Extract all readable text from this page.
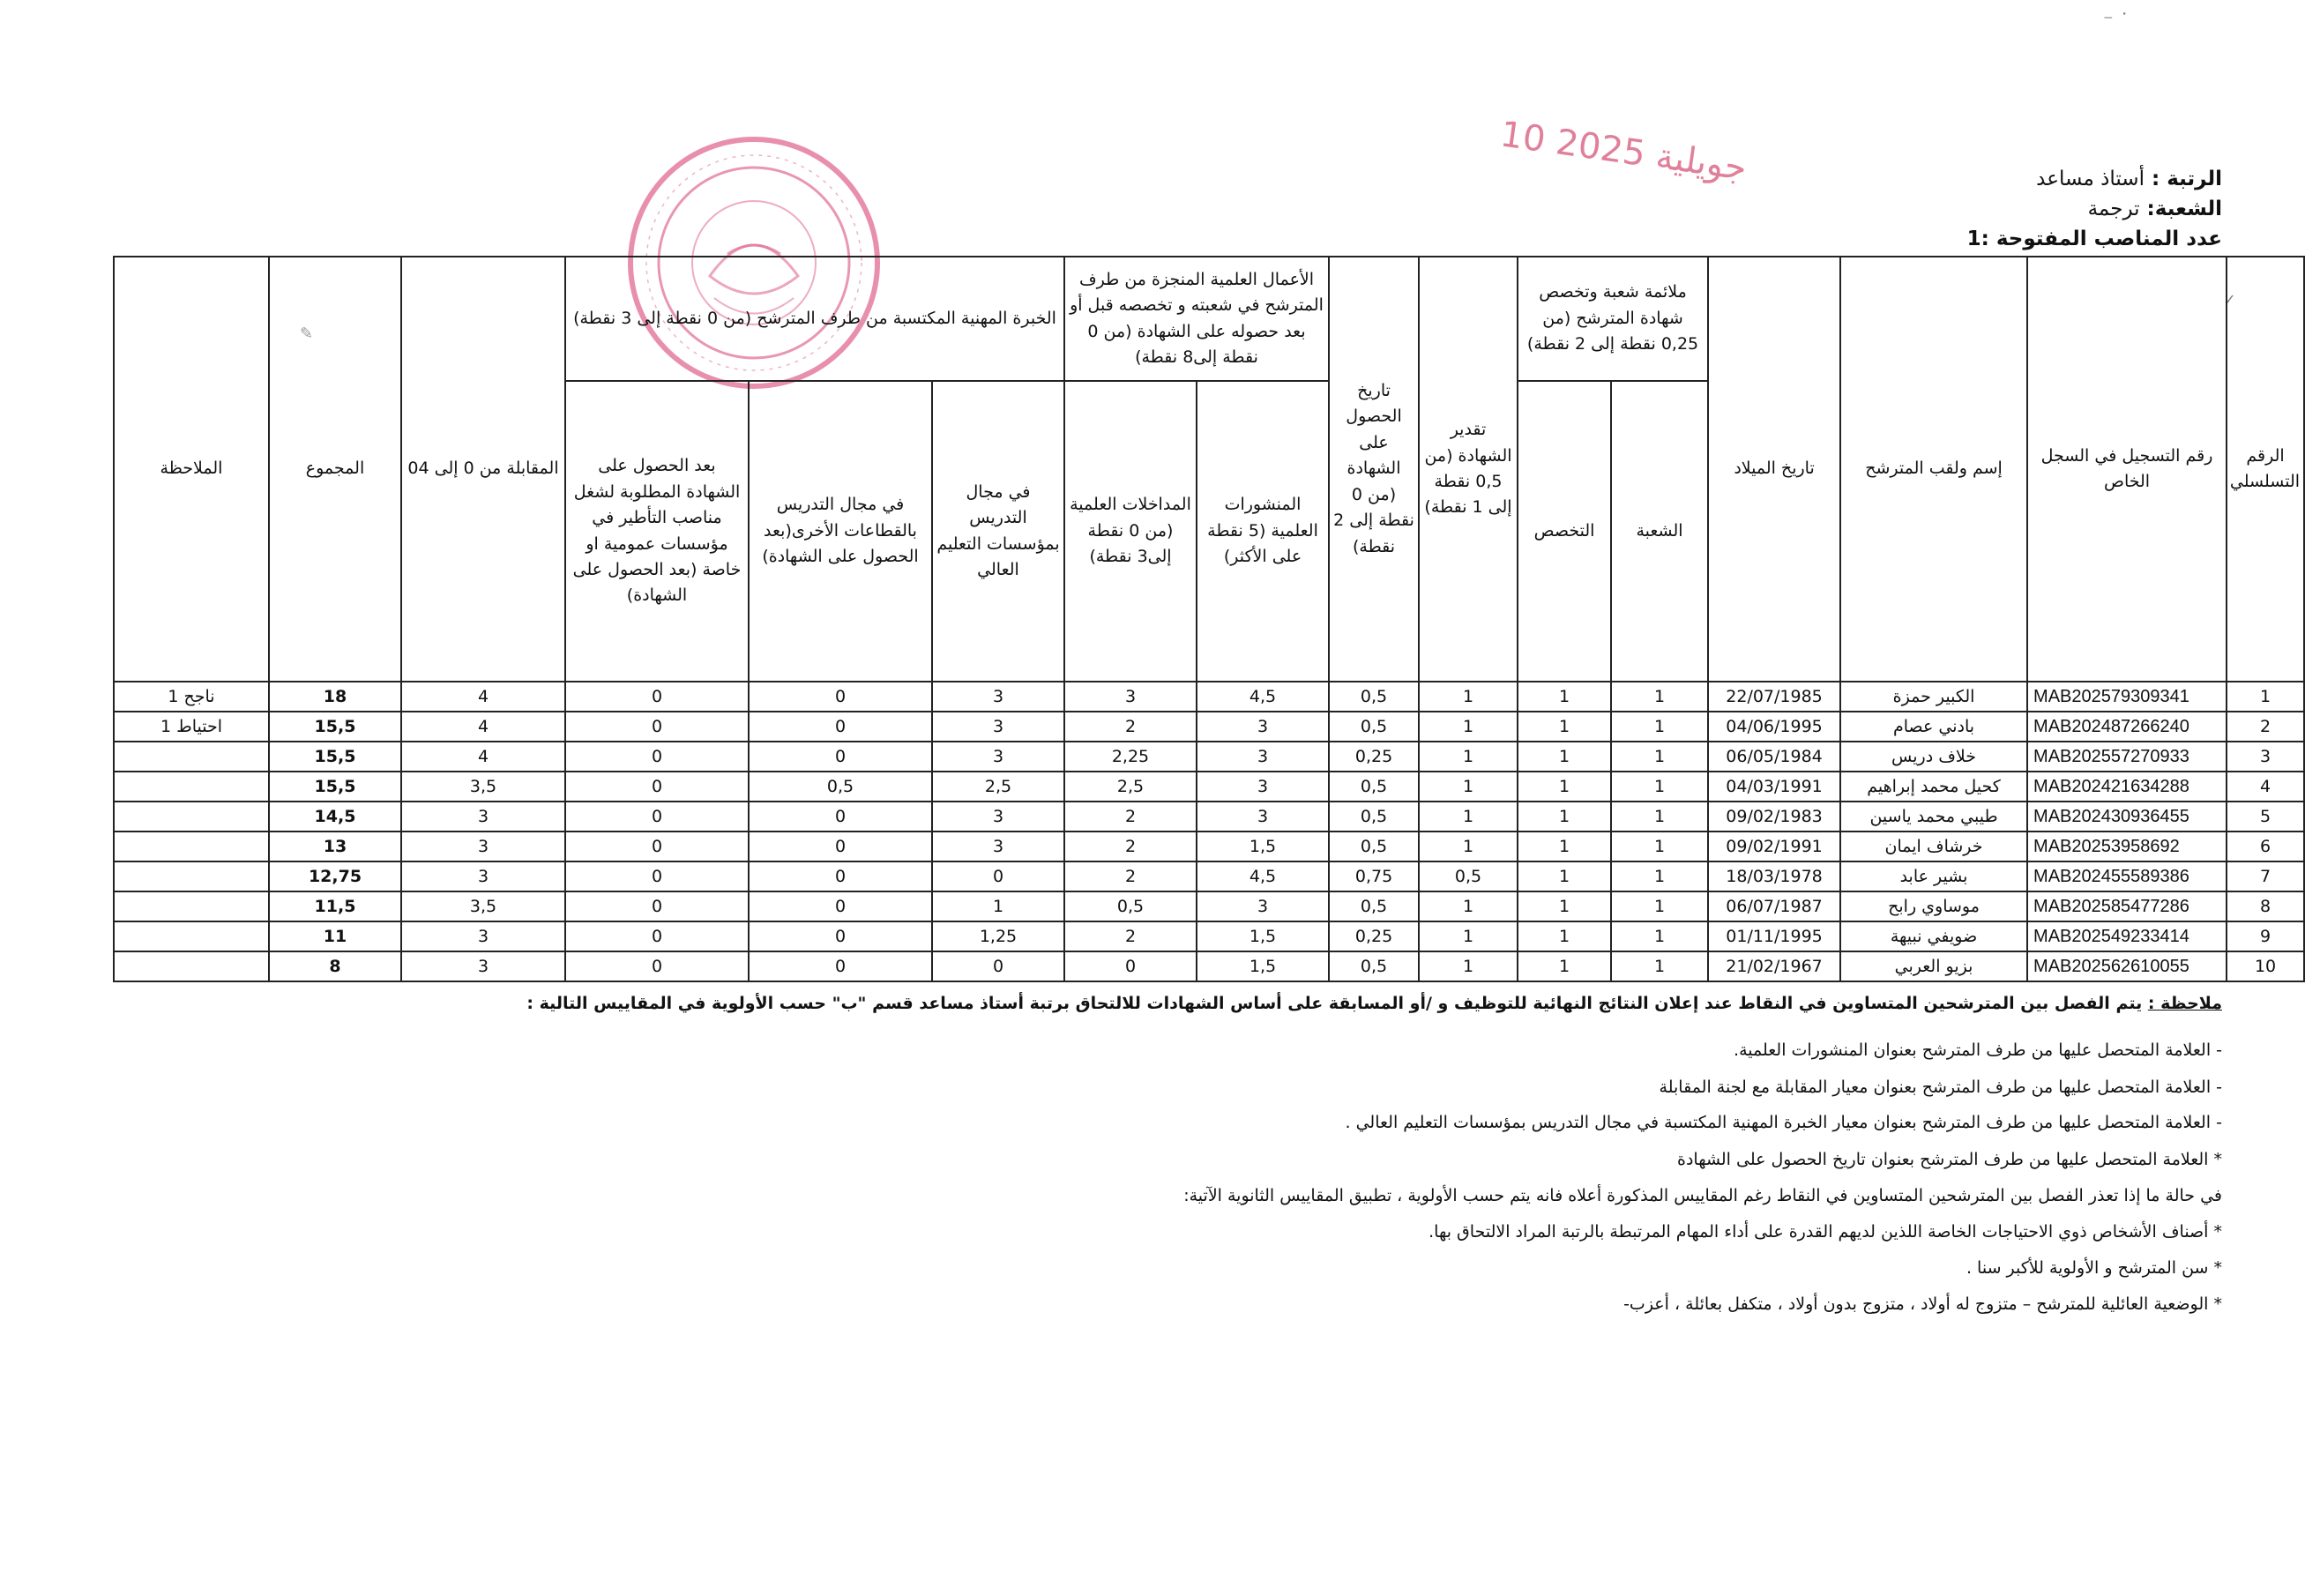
⁻ ˙
✓
✎
10 جويلية 2025	الرتبة : أستاذ مساعد
الشعبة: ترجمة
عدد المناصب المفتوحة :1
الرقم التسلسلي	رقم التسجيل في السجل الخاص	إسم ولقب المترشح	تاريخ الميلاد	ملائمة شعبة وتخصص شهادة المترشح (من 0,25 نقطة إلى 2 نقطة)		تقدير الشهادة (من 0,5 نقطة إلى 1 نقطة)	تاريخ الحصول على الشهادة (من 0 نقطة إلى 2 نقطة)	الأعمال العلمية المنجزة من طرف المترشح في شعبته و تخصصه قبل أو بعد حصوله على الشهادة (من 0 نقطة إلى8 نقطة)		الخبرة المهنية المكتسبة من طرف المترشح (من 0 نقطة إلى 3 نقطة)			المقابلة من 0 إلى 04	المجموع	الملاحظة
				الشعبة	التخصص			المنشورات العلمية (5 نقطة على الأكثر)	المداخلات العلمية (من 0 نقطة إلى3 نقطة)	في مجال التدريس بمؤسسات التعليم العالي	في مجال التدريس بالقطاعات الأخرى(بعد الحصول على الشهادة)	بعد الحصول على الشهادة المطلوبة لشغل مناصب التأطير في مؤسسات عمومية او خاصة (بعد الحصول على الشهادة)			
1	MAB202579309341	الكبير حمزة	22/07/1985	1	1	1	0,5	4,5	3	3	0	0	4	18	ناجح 1
2	MAB202487266240	بادني عصام	04/06/1995	1	1	1	0,5	3	2	3	0	0	4	15,5	احتياط 1
3	MAB202557270933	خلاف دريس	06/05/1984	1	1	1	0,25	3	2,25	3	0	0	4	15,5	
4	MAB202421634288	كحيل محمد إبراهيم	04/03/1991	1	1	1	0,5	3	2,5	2,5	0,5	0	3,5	15,5	
5	MAB202430936455	طيبي محمد ياسين	09/02/1983	1	1	1	0,5	3	2	3	0	0	3	14,5	
6	MAB20253958692	خرشاف ايمان	09/02/1991	1	1	1	0,5	1,5	2	3	0	0	3	13	
7	MAB202455589386	بشير عابد	18/03/1978	1	1	0,5	0,75	4,5	2	0	0	0	3	12,75	
8	MAB202585477286	موساوي رابح	06/07/1987	1	1	1	0,5	3	0,5	1	0	0	3,5	11,5	
9	MAB202549233414	ضويفي نبيهة	01/11/1995	1	1	1	0,25	1,5	2	1,25	0	0	3	11	
10	MAB202562610055	بزيو العربي	21/02/1967	1	1	1	0,5	1,5	0	0	0	0	3	8	
ملاحظة : يتم الفصل بين المترشحين المتساوين في النقاط عند إعلان النتائج النهائية للتوظيف و /أو المسابقة على أساس الشهادات للالتحاق برتبة أستاذ مساعد قسم "ب" حسب الأولوية في المقاييس التالية :
- العلامة المتحصل عليها من طرف المترشح بعنوان المنشورات العلمية.
- العلامة المتحصل عليها من طرف المترشح بعنوان معيار المقابلة مع لجنة المقابلة
- العلامة المتحصل عليها من طرف المترشح بعنوان معيار الخبرة المهنية المكتسبة في مجال التدريس بمؤسسات التعليم العالي .
* العلامة المتحصل عليها من طرف المترشح بعنوان تاريخ الحصول على الشهادة
في حالة ما إذا تعذر الفصل بين المترشحين المتساوين في النقاط رغم المقاييس المذكورة أعلاه فانه يتم حسب الأولوية ، تطبيق المقاييس الثانوية الآتية:
* أصناف الأشخاص ذوي الاحتياجات الخاصة اللذين لديهم القدرة على أداء المهام المرتبطة بالرتبة المراد الالتحاق بها.
* سن المترشح و الأولوية للأكبر سنا .
* الوضعية العائلية للمترشح – متزوج له أولاد ، متزوج بدون أولاد ، متكفل بعائلة ، أعزب-
